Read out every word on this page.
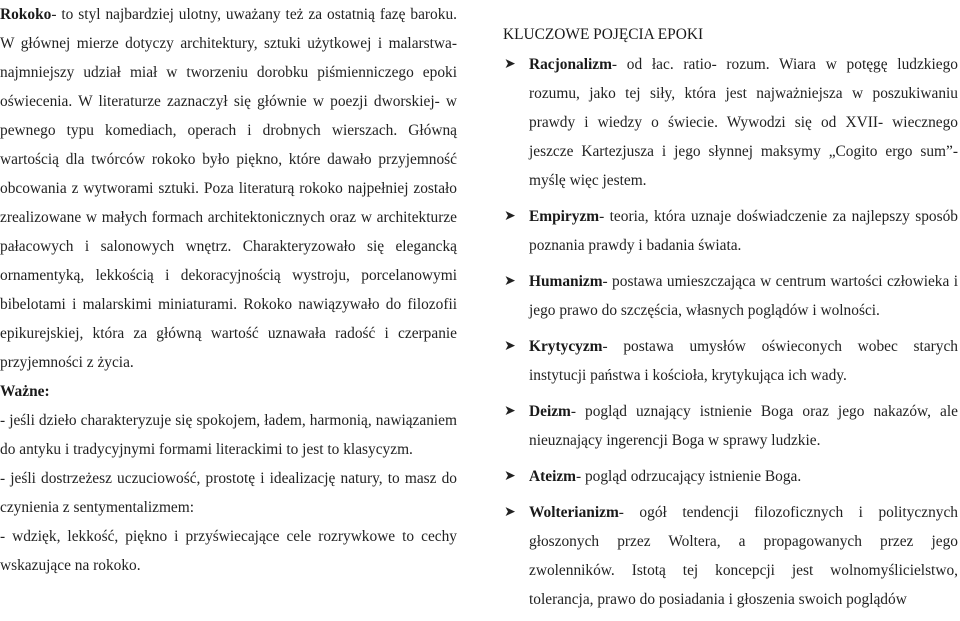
Rokoko- to styl najbardziej ulotny, uważany też za ostatnią fazę baroku. W głównej mierze dotyczy architektury, sztuki użytkowej i malarstwa- najmniejszy udział miał w tworzeniu dorobku piśmienniczego epoki oświecenia. W literaturze zaznaczył się głównie w poezji dworskiej- w pewnego typu komediach, operach i drobnych wierszach. Główną wartością dla twórców rokoko było piękno, które dawało przyjemność obcowania z wytworami sztuki. Poza literaturą rokoko najpełniej zostało zrealizowane w małych formach architektonicznych oraz w architekturze pałacowych i salonowych wnętrz. Charakteryzowało się elegancką ornamentyką, lekkością i dekoracyjnością wystroju, porcelanowymi bibelotami i malarskimi miniaturami. Rokoko nawiązywało do filozofii epikurejskiej, która za główną wartość uznawała radość i czerpanie przyjemności z życia.

Ważne:

- jeśli dzieło charakteryzuje się spokojem, ładem, harmonią, nawiązaniem do antyku i tradycyjnymi formami literackimi to jest to klasycyzm.

- jeśli dostrzeżesz uczuciowość, prostotę i idealizację natury, to masz do czynienia z sentymentalizmem:

- wdzięk, lekkość, piękno i przyświecające cele rozrywkowe to cechy wskazujące na rokoko.

KLUCZOWE POJĘCIA EPOKI
➤ Racjonalizm- od łac. ratio- rozum. Wiara w potęgę ludzkiego rozumu, jako tej siły, która jest najważniejsza w poszukiwaniu prawdy i wiedzy o świecie. Wywodzi się od XVII- wiecznego jeszcze Kartezjusza i jego słynnej maksymy „Cogito ergo sum”- myślę więc jestem.
➤ Empiryzm- teoria, która uznaje doświadczenie za najlepszy sposób poznania prawdy i badania świata.
➤ Humanizm- postawa umieszczająca w centrum wartości człowieka i jego prawo do szczęścia, własnych poglądów i wolności.
➤ Krytycyzm- postawa umysłów oświeconych wobec starych instytucji państwa i kościoła, krytykująca ich wady.
➤ Deizm- pogląd uznający istnienie Boga oraz jego nakazów, ale nieuznający ingerencji Boga w sprawy ludzkie.
➤ Ateizm- pogląd odrzucający istnienie Boga.
➤ Wolterianizm- ogół tendencji filozoficznych i politycznych głoszonych przez Woltera, a propagowanych przez jego zwolenników. Istotą tej koncepcji jest wolnomyślicielstwo, tolerancja, prawo do posiadania i głoszenia swoich poglądów
